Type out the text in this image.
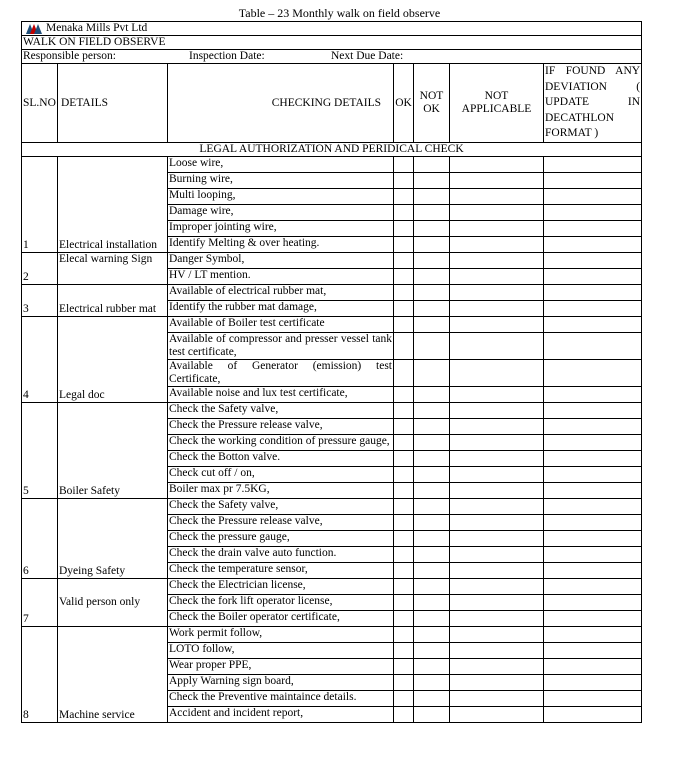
Table – 23 Monthly walk on field observe
Menaka Mills Pvt Ltd						

WALK ON FIELD OBSERVE						

Responsible person: Inspection Date: Next Due Date:						

SL.NO	DETAILS	CHECKING DETAILS	OK	NOT OK	NOT APPLICABLE	IF FOUND ANY DEVIATION ( UPDATE IN DECATHLON FORMAT )
LEGAL AUTHORIZATION AND PERIDICAL CHECK						
1	Electrical installation	Loose wire,				
		Burning wire,				
		Multi looping,				
		Damage wire,				
		Improper jointing wire,				
		Identify Melting & over heating.				
2	Elecal warning Sign	Danger Symbol,				
		HV / LT mention.				
3	Electrical rubber mat	Available of electrical rubber mat,				
		Identify the rubber mat damage,				
4	Legal doc	Available of Boiler test certificate				
		Available of compressor and presser vessel tank test certificate,				
		Available of Generator (emission) test Certificate,				
		Available noise and lux test certificate,				
5	Boiler Safety	Check the Safety valve,				
		Check the Pressure release valve,				
		Check the working condition of pressure gauge,				
		Check the Botton valve.				
		Check cut off / on,				
		Boiler max pr 7.5KG,				
6	Dyeing Safety	Check the Safety valve,				
		Check the Pressure release valve,				
		Check the pressure gauge,				
		Check the drain valve auto function.				
		Check the temperature sensor,				
7	Valid person only	Check the Electrician license,				
		Check the fork lift operator license,				
		Check the Boiler operator certificate,				
8	Machine service	Work permit follow,				
		LOTO follow,				
		Wear proper PPE,				
		Apply Warning sign board,				
		Check the Preventive maintaince details.				
		Accident and incident report,				
